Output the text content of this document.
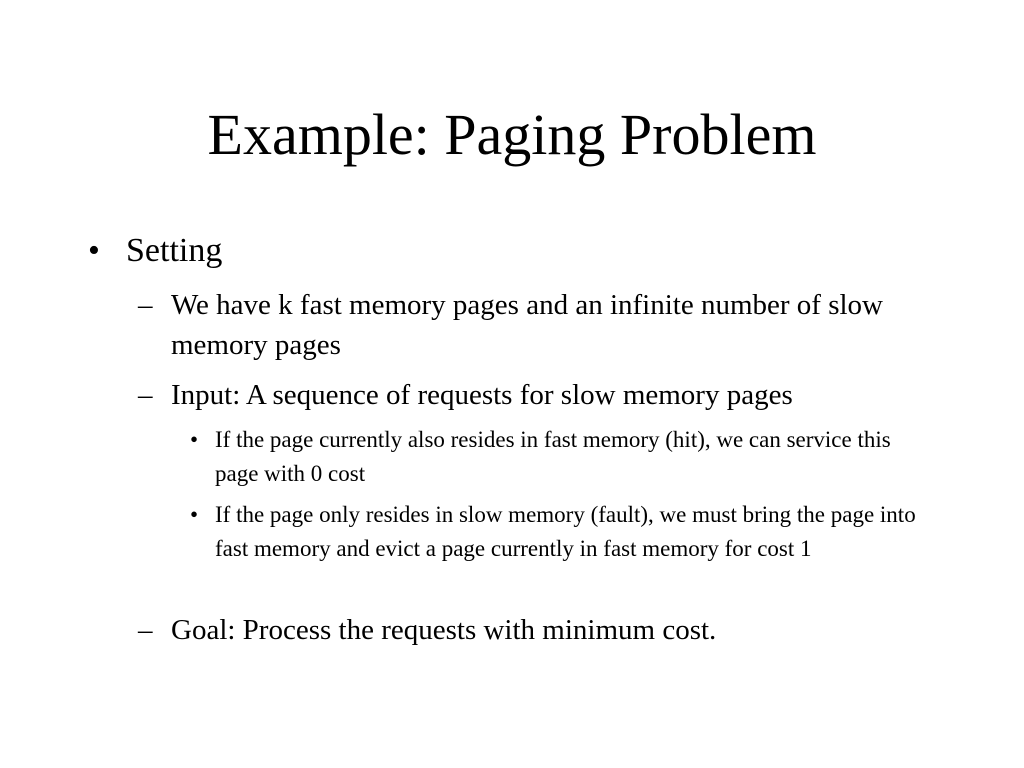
Example: Paging Problem
• Setting
– We have k fast memory pages and an infinite number of slow memory pages
– Input: A sequence of requests for slow memory pages
• If the page currently also resides in fast memory (hit), we can service this page with 0 cost
• If the page only resides in slow memory (fault), we must bring the page into fast memory and evict a page currently in fast memory for cost 1
– Goal: Process the requests with minimum cost.
